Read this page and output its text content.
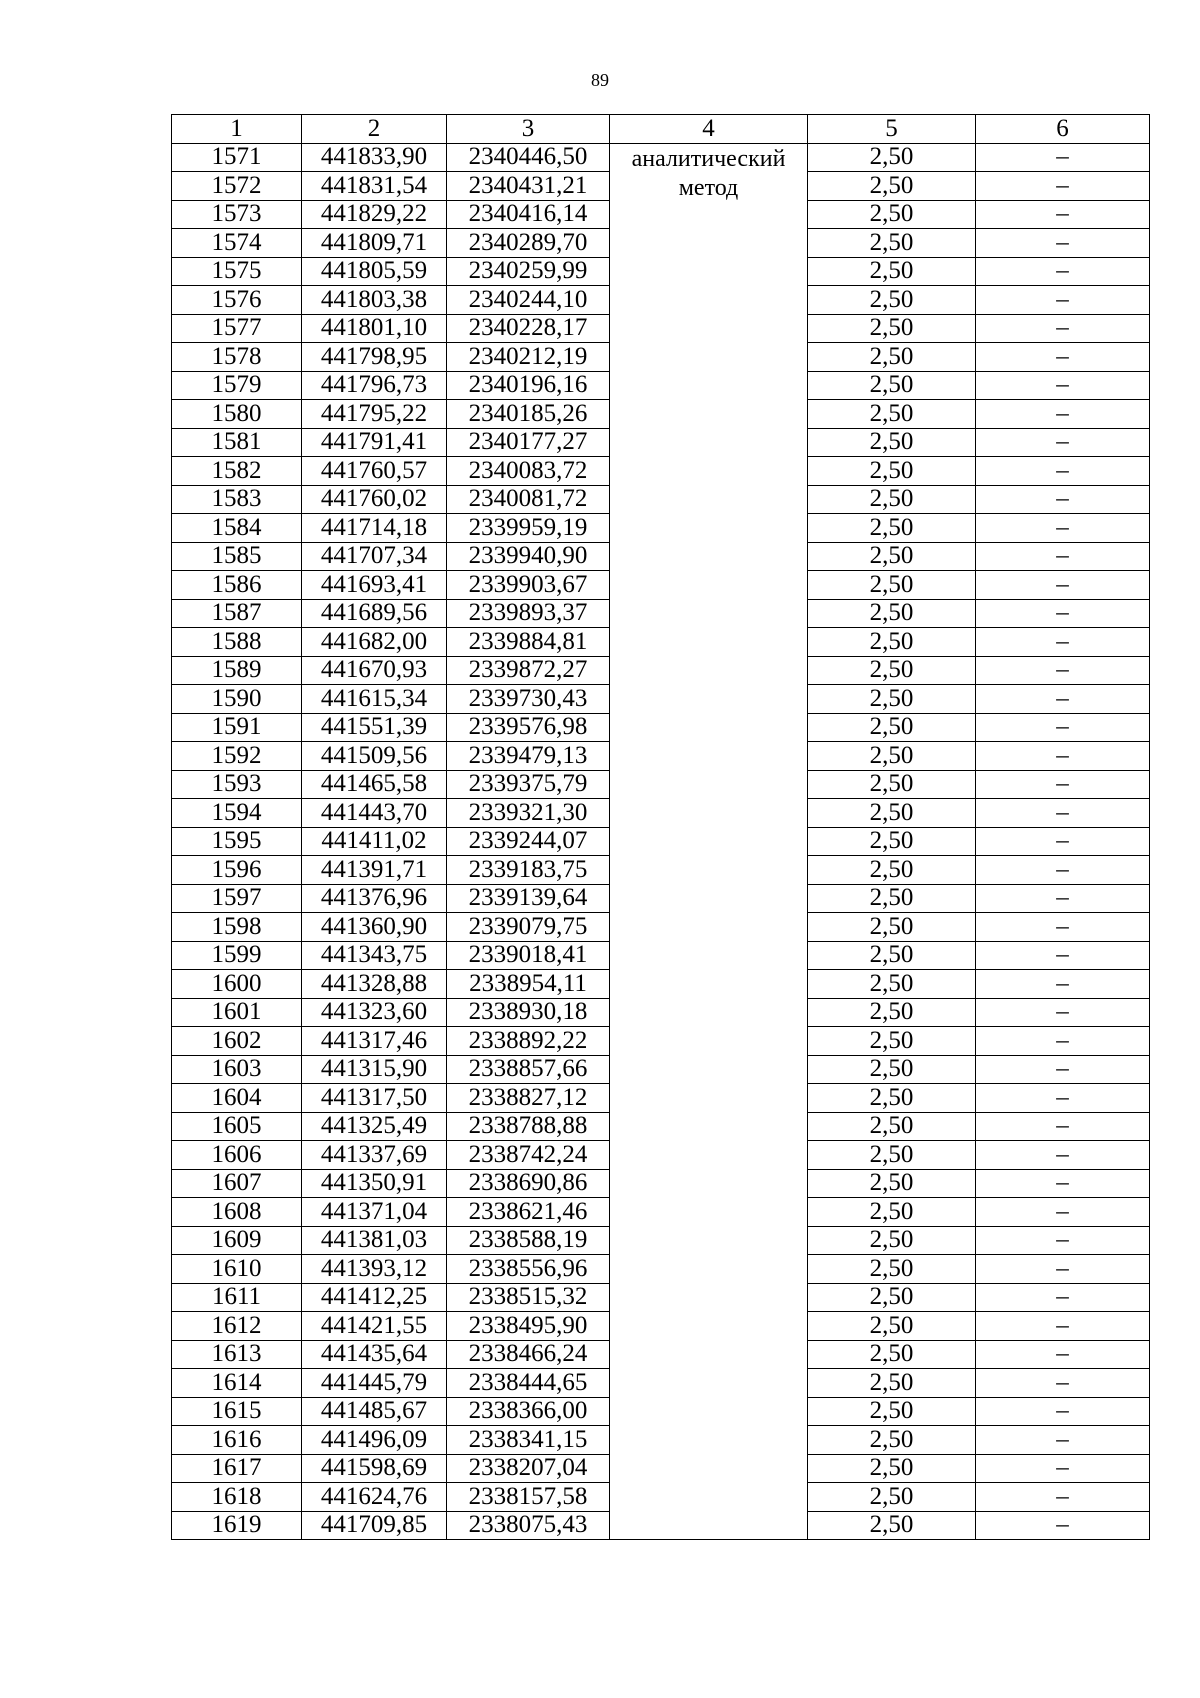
89
1	2	3	4	5	6
1571	441833,90	2340446,50	аналитический метод	2,50	–
1572	441831,54	2340431,21		2,50	–
1573	441829,22	2340416,14		2,50	–
1574	441809,71	2340289,70		2,50	–
1575	441805,59	2340259,99		2,50	–
1576	441803,38	2340244,10		2,50	–
1577	441801,10	2340228,17		2,50	–
1578	441798,95	2340212,19		2,50	–
1579	441796,73	2340196,16		2,50	–
1580	441795,22	2340185,26		2,50	–
1581	441791,41	2340177,27		2,50	–
1582	441760,57	2340083,72		2,50	–
1583	441760,02	2340081,72		2,50	–
1584	441714,18	2339959,19		2,50	–
1585	441707,34	2339940,90		2,50	–
1586	441693,41	2339903,67		2,50	–
1587	441689,56	2339893,37		2,50	–
1588	441682,00	2339884,81		2,50	–
1589	441670,93	2339872,27		2,50	–
1590	441615,34	2339730,43		2,50	–
1591	441551,39	2339576,98		2,50	–
1592	441509,56	2339479,13		2,50	–
1593	441465,58	2339375,79		2,50	–
1594	441443,70	2339321,30		2,50	–
1595	441411,02	2339244,07		2,50	–
1596	441391,71	2339183,75		2,50	–
1597	441376,96	2339139,64		2,50	–
1598	441360,90	2339079,75		2,50	–
1599	441343,75	2339018,41		2,50	–
1600	441328,88	2338954,11		2,50	–
1601	441323,60	2338930,18		2,50	–
1602	441317,46	2338892,22		2,50	–
1603	441315,90	2338857,66		2,50	–
1604	441317,50	2338827,12		2,50	–
1605	441325,49	2338788,88		2,50	–
1606	441337,69	2338742,24		2,50	–
1607	441350,91	2338690,86		2,50	–
1608	441371,04	2338621,46		2,50	–
1609	441381,03	2338588,19		2,50	–
1610	441393,12	2338556,96		2,50	–
1611	441412,25	2338515,32		2,50	–
1612	441421,55	2338495,90		2,50	–
1613	441435,64	2338466,24		2,50	–
1614	441445,79	2338444,65		2,50	–
1615	441485,67	2338366,00		2,50	–
1616	441496,09	2338341,15		2,50	–
1617	441598,69	2338207,04		2,50	–
1618	441624,76	2338157,58		2,50	–
1619	441709,85	2338075,43		2,50	–
